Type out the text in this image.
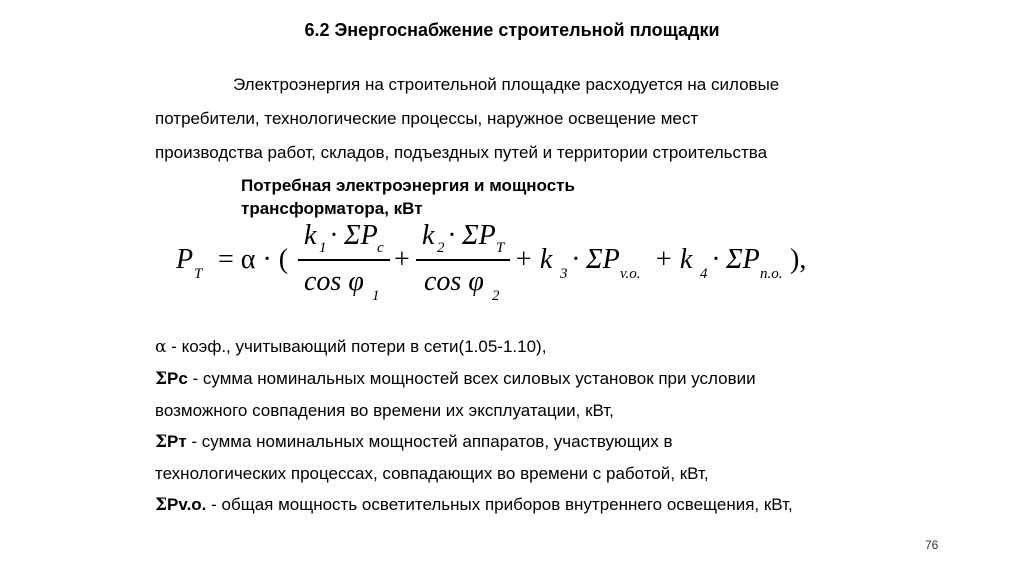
6.2 Энергоснабжение строительной площадки
Электроэнергия на строительной площадке расходуется на силовые
потребители, технологические процессы, наружное освещение мест
производства работ, складов, подъездных путей и территории строительства
Потребная электроэнергия и мощность
трансформатора, кВт
P T = α · (
k 1 · ΣP c
cos φ 1
+
k 2 · ΣP T
cos φ 2
+ k 3 · ΣP v.o. + k 4 · ΣP n.o. ),
α - коэф., учитывающий потери в сети(1.05-1.10),
ΣPc - сумма номинальных мощностей всех силовых установок при условии
возможного совпадения во времени их эксплуатации, кВт,
ΣPт - сумма номинальных мощностей аппаратов, участвующих в
технологических процессах, совпадающих во времени с работой, кВт,
ΣPv.o. - общая мощность осветительных приборов внутреннего освещения, кВт,
76
